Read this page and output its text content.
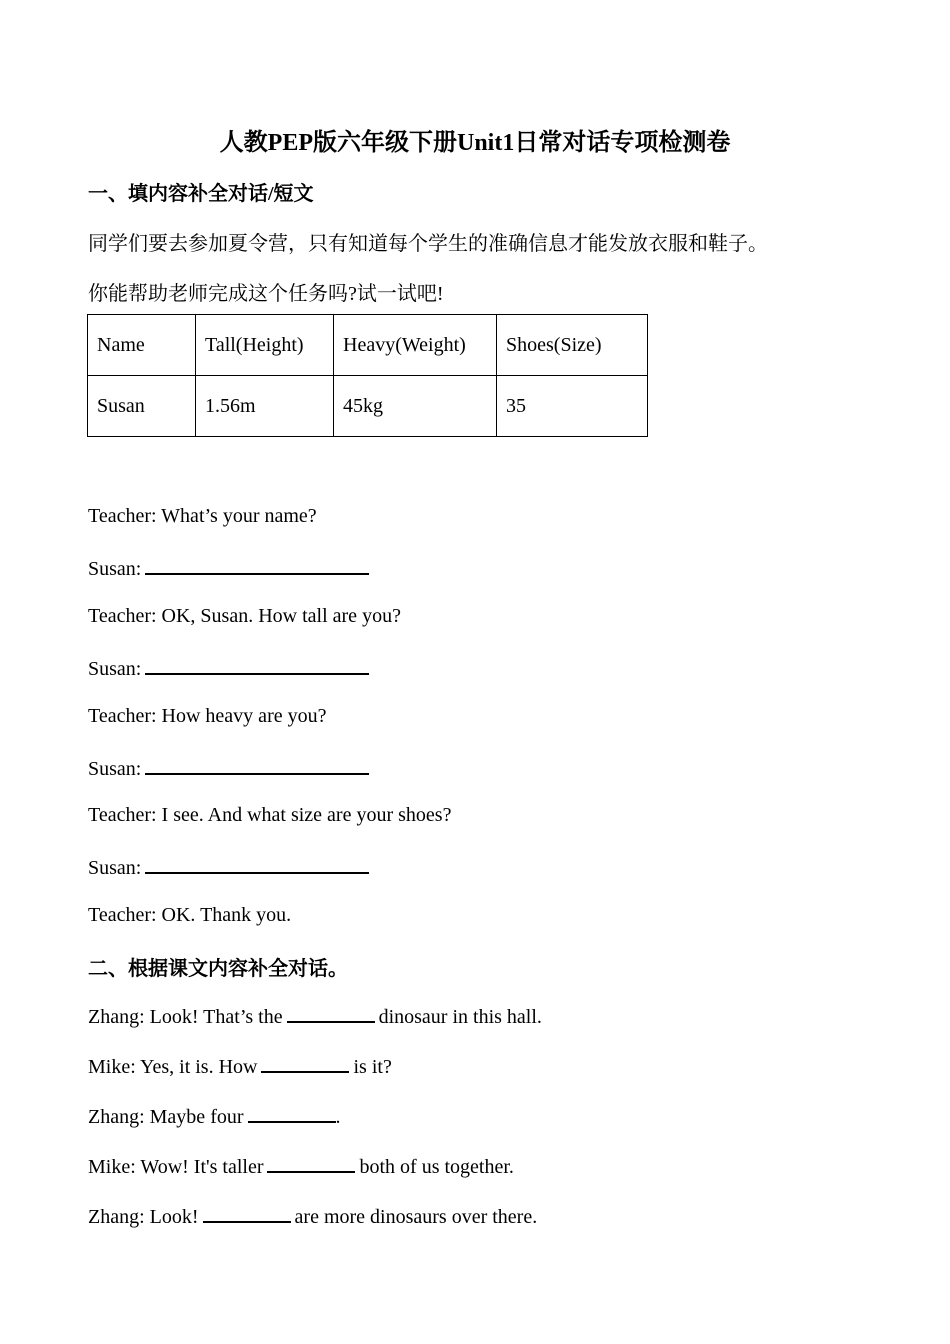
人教PEP版六年级下册Unit1日常对话专项检测卷
一、填内容补全对话/短文
同学们要去参加夏令营，只有知道每个学生的准确信息才能发放衣服和鞋子。
你能帮助老师完成这个任务吗?试一试吧!
Name	Tall(Height)	Heavy(Weight)	Shoes(Size)
Susan	1.56m	45kg	35
Teacher: What’s your name?
Susan:
Teacher: OK, Susan. How tall are you?
Susan:
Teacher: How heavy are you?
Susan:
Teacher: I see. And what size are your shoes?
Susan:
Teacher: OK. Thank you.
二、根据课文内容补全对话。
Zhang: Look! That’s the	dinosaur in this hall.
Mike: Yes, it is. How	is it?
Zhang: Maybe four	.
Mike: Wow! It's taller	both of us together.
Zhang: Look!	are more dinosaurs over there.
